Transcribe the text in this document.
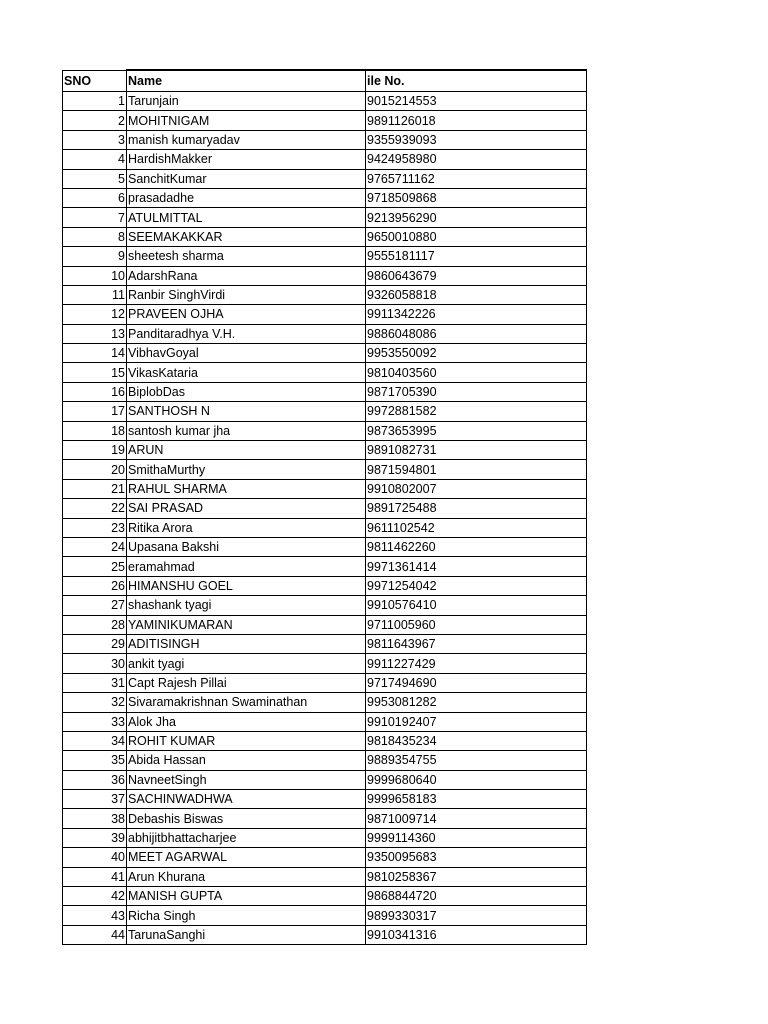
SNO	Name	ile No.
1	Tarunjain	9015214553
2	MOHITNIGAM	9891126018
3	manish kumaryadav	9355939093
4	HardishMakker	9424958980
5	SanchitKumar	9765711162
6	prasadadhe	9718509868
7	ATULMITTAL	9213956290
8	SEEMAKAKKAR	9650010880
9	sheetesh sharma	9555181117
10	AdarshRana	9860643679
11	Ranbir SinghVirdi	9326058818
12	PRAVEEN OJHA	9911342226
13	Panditaradhya V.H.	9886048086
14	VibhavGoyal	9953550092
15	VikasKataria	9810403560
16	BiplobDas	9871705390
17	SANTHOSH N	9972881582
18	santosh kumar jha	9873653995
19	ARUN	9891082731
20	SmithaMurthy	9871594801
21	RAHUL SHARMA	9910802007
22	SAI PRASAD	9891725488
23	Ritika Arora	9611102542
24	Upasana Bakshi	9811462260
25	eramahmad	9971361414
26	HIMANSHU GOEL	9971254042
27	shashank tyagi	9910576410
28	YAMINIKUMARAN	9711005960
29	ADITISINGH	9811643967
30	ankit tyagi	9911227429
31	Capt Rajesh Pillai	9717494690
32	Sivaramakrishnan Swaminathan	9953081282
33	Alok Jha	9910192407
34	ROHIT KUMAR	9818435234
35	Abida Hassan	9889354755
36	NavneetSingh	9999680640
37	SACHINWADHWA	9999658183
38	Debashis Biswas	9871009714
39	abhijitbhattacharjee	9999114360
40	MEET AGARWAL	9350095683
41	Arun Khurana	9810258367
42	MANISH GUPTA	9868844720
43	Richa Singh	9899330317
44	TarunaSanghi	9910341316
